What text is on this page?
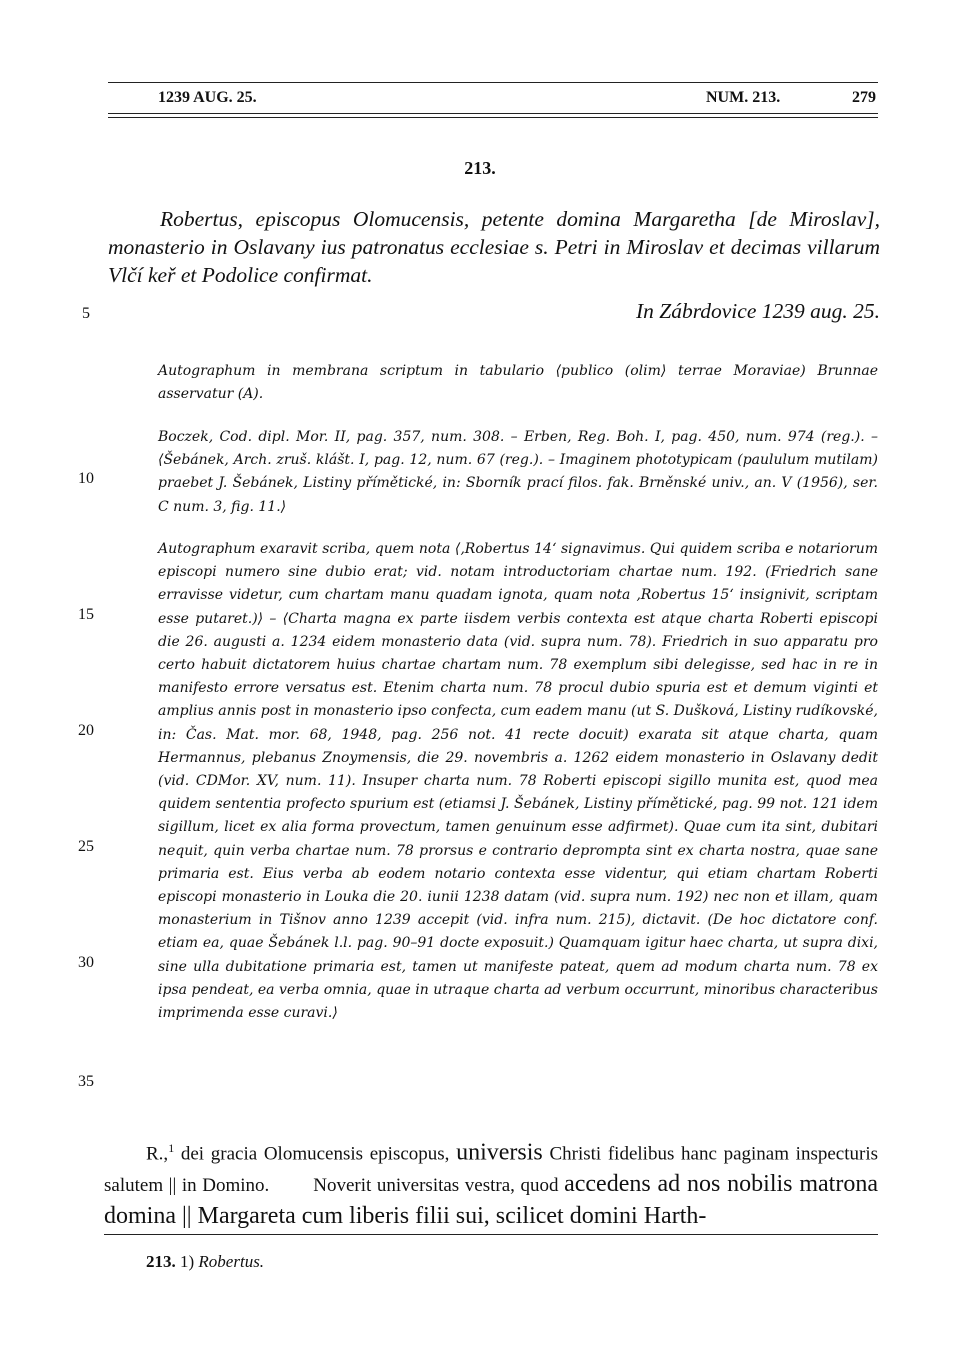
1239 AUG. 25.	NUM. 213.	279
213.

Robertus, episcopus Olomucensis, petente domina Margaretha [de Miroslav], monasterio in Oslavany ius patronatus ecclesiae s. Petri in Miroslav et decimas villarum Vlčí keř et Podolice confirmat.

In Zábrdovice 1239 aug. 25.

Autographum in membrana scriptum in tabulario ⟨publico (olim⟩ terrae Moraviae) Brunnae asservatur (A).

Boczek, Cod. dipl. Mor. II, pag. 357, num. 308. – Erben, Reg. Boh. I, pag. 450, num. 974 (reg.). – ⟨Šebánek, Arch. zruš. klášt. I, pag. 12, num. 67 (reg.). – Imaginem phototypicam (paululum mutilam) praebet J. Šebánek, Listiny přímětické, in: Sborník prací filos. fak. Brněnské univ., an. V (1956), ser. C num. 3, fig. 11.⟩

Autographum exaravit scriba, quem nota ⟨‚Robertus 14‘ signavimus. Qui quidem scriba e notariorum episcopi numero sine dubio erat; vid. notam introductoriam chartae num. 192. (Friedrich sane erravisse videtur, cum chartam manu quadam ignota, quam nota ‚Robertus 15‘ insignivit, scriptam esse putaret.)⟩ – ⟨Charta magna ex parte iisdem verbis contexta est atque charta Roberti episcopi die 26. augusti a. 1234 eidem monasterio data (vid. supra num. 78). Friedrich in suo apparatu pro certo habuit dictatorem huius chartae chartam num. 78 exemplum sibi delegisse, sed hac in re in manifesto errore versatus est. Etenim charta num. 78 procul dubio spuria est et demum viginti et amplius annis post in monasterio ipso confecta, cum eadem manu (ut S. Dušková, Listiny rudíkovské, in: Čas. Mat. mor. 68, 1948, pag. 256 not. 41 recte docuit) exarata sit atque charta, quam Hermannus, plebanus Znoymensis, die 29. novembris a. 1262 eidem monasterio in Oslavany dedit (vid. CDMor. XV, num. 11). Insuper charta num. 78 Roberti episcopi sigillo munita est, quod mea quidem sententia profecto spurium est (etiamsi J. Šebánek, Listiny přímětické, pag. 99 not. 121 idem sigillum, licet ex alia forma provectum, tamen genuinum esse adfirmet). Quae cum ita sint, dubitari nequit, quin verba chartae num. 78 prorsus e contrario deprompta sint ex charta nostra, quae sane primaria est. Eius verba ab eodem notario contexta esse videntur, qui etiam chartam Roberti episcopi monasterio in Louka die 20. iunii 1238 datam (vid. supra num. 192) nec non et illam, quam monasterium in Tišnov anno 1239 accepit (vid. infra num. 215), dictavit. (De hoc dictatore conf. etiam ea, quae Šebánek l.l. pag. 90–91 docte exposuit.) Quamquam igitur haec charta, ut supra dixi, sine ulla dubitatione primaria est, tamen ut manifeste pateat, quem ad modum charta num. 78 ex ipsa pendeat, ea verba omnia, quae in utraque charta ad verbum occurrunt, minoribus characteribus imprimenda esse curavi.⟩

5
10
15
20
25
30
35

R.,$^1$ dei gracia Olomucensis episcopus, universis Christi fidelibus hanc paginam inspecturis salutem || in Domino. Noverit universitas vestra, quod accedens ad nos nobilis matrona domina || Margareta cum liberis filii sui, scilicet domini Harth-

213. 1) Robertus.
